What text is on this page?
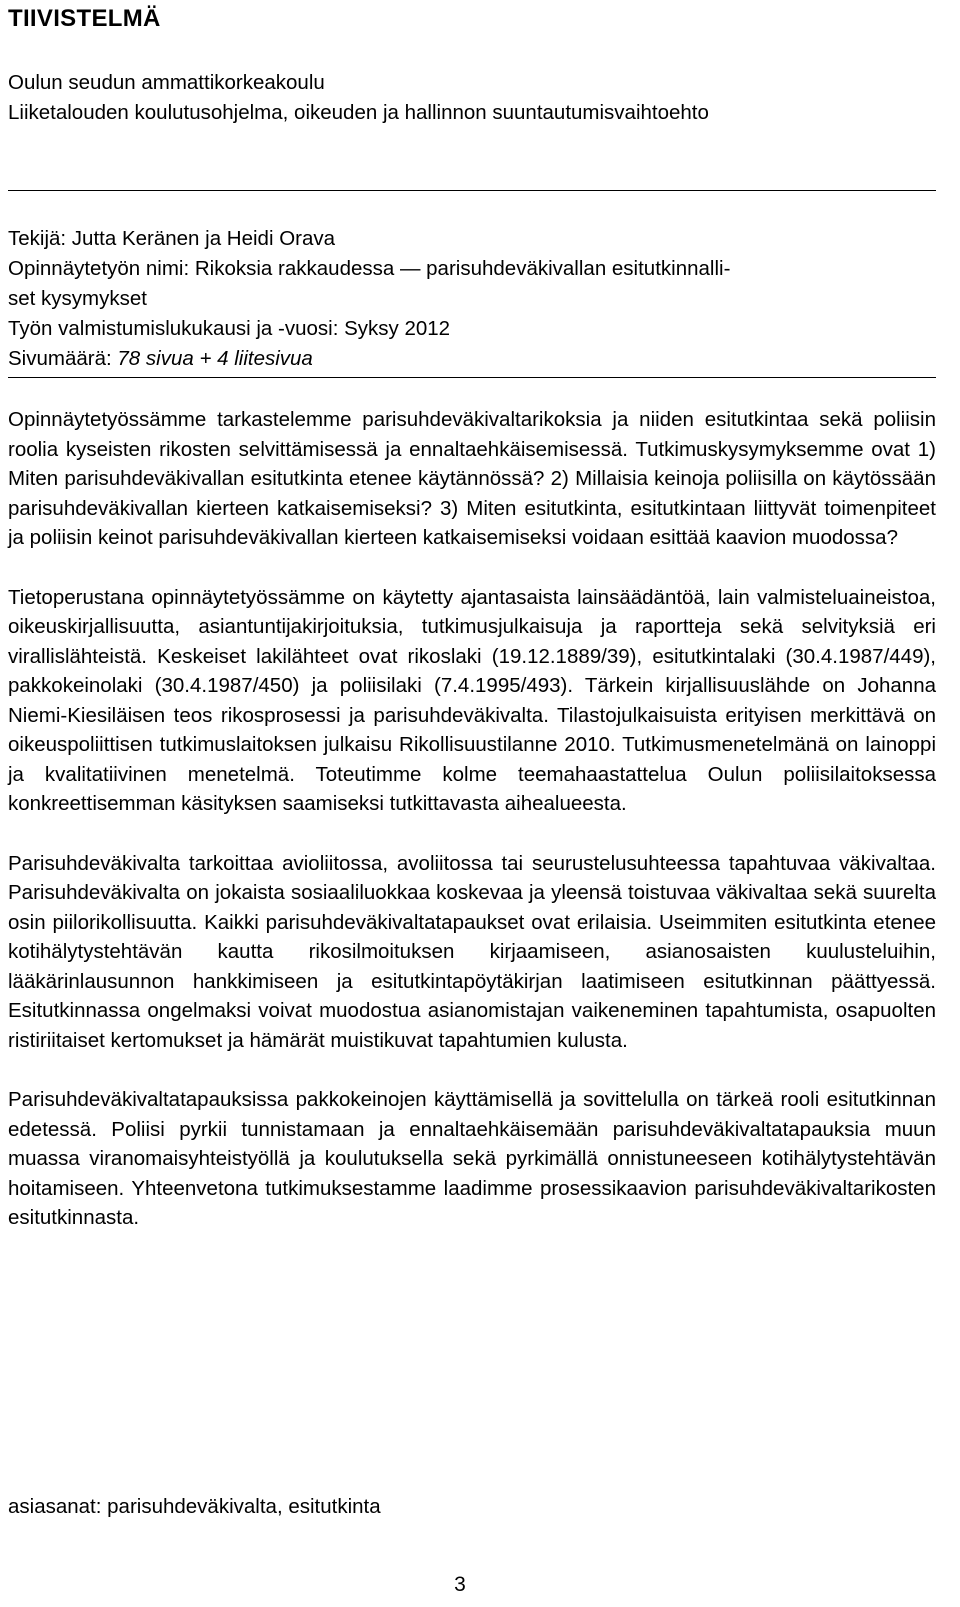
TIIVISTELMÄ
Oulun seudun ammattikorkeakoulu
Liiketalouden koulutusohjelma, oikeuden ja hallinnon suuntautumisvaihtoehto
Tekijä: Jutta Keränen ja Heidi Orava
Opinnäytetyön nimi: Rikoksia rakkaudessa ― parisuhdeväkivallan esitutkinnalli-
set kysymykset
Työn valmistumislukukausi ja -vuosi: Syksy 2012
Sivumäärä: 78 sivua + 4 liitesivua

Opinnäytetyössämme tarkastelemme parisuhdeväkivaltarikoksia ja niiden esitutkintaa sekä poliisin roolia kyseisten rikosten selvittämisessä ja ennaltaehkäisemisessä. Tutkimuskysymyksemme ovat 1) Miten parisuhdeväkivallan esitutkinta etenee käytännössä? 2) Millaisia keinoja poliisilla on käytössään parisuhdeväkivallan kierteen katkaisemiseksi? 3) Miten esitutkinta, esitutkintaan liittyvät toimenpiteet ja poliisin keinot parisuhdeväkivallan kierteen katkaisemiseksi voidaan esittää kaavion muodossa?

Tietoperustana opinnäytetyössämme on käytetty ajantasaista lainsäädäntöä, lain valmisteluaineistoa, oikeuskirjallisuutta, asiantuntijakirjoituksia, tutkimusjulkaisuja ja raportteja sekä selvityksiä eri virallislähteistä. Keskeiset lakilähteet ovat rikoslaki (19.12.1889/39), esitutkintalaki (30.4.1987/449), pakkokeinolaki (30.4.1987/450) ja poliisilaki (7.4.1995/493). Tärkein kirjallisuuslähde on Johanna Niemi-Kiesiläisen teos rikosprosessi ja parisuhdeväkivalta. Tilastojulkaisuista erityisen merkittävä on oikeuspoliittisen tutkimuslaitoksen julkaisu Rikollisuustilanne 2010. Tutkimusmenetelmänä on lainoppi ja kvalitatiivinen menetelmä. Toteutimme kolme teemahaastattelua Oulun poliisilaitoksessa konkreettisemman käsityksen saamiseksi tutkittavasta aihealueesta.

Parisuhdeväkivalta tarkoittaa avioliitossa, avoliitossa tai seurustelusuhteessa tapahtuvaa väkivaltaa. Parisuhdeväkivalta on jokaista sosiaaliluokkaa koskevaa ja yleensä toistuvaa väkivaltaa sekä suurelta osin piilorikollisuutta. Kaikki parisuhdeväkivaltatapaukset ovat erilaisia. Useimmiten esitutkinta etenee kotihälytystehtävän kautta rikosilmoituksen kirjaamiseen, asianosaisten kuulusteluihin, lääkärinlausunnon hankkimiseen ja esitutkintapöytäkirjan laatimiseen esitutkinnan päättyessä. Esitutkinnassa ongelmaksi voivat muodostua asianomistajan vaikeneminen tapahtumista, osapuolten ristiriitaiset kertomukset ja hämärät muistikuvat tapahtumien kulusta.

Parisuhdeväkivaltatapauksissa pakkokeinojen käyttämisellä ja sovittelulla on tärkeä rooli esitutkinnan edetessä. Poliisi pyrkii tunnistamaan ja ennaltaehkäisemään parisuhdeväkivaltatapauksia muun muassa viranomaisyhteistyöllä ja koulutuksella sekä pyrkimällä onnistuneeseen kotihälytystehtävän hoitamiseen. Yhteenvetona tutkimuksestamme laadimme prosessikaavion parisuhdeväkivaltarikosten esitutkinnasta.

asiasanat: parisuhdeväkivalta, esitutkinta
3
